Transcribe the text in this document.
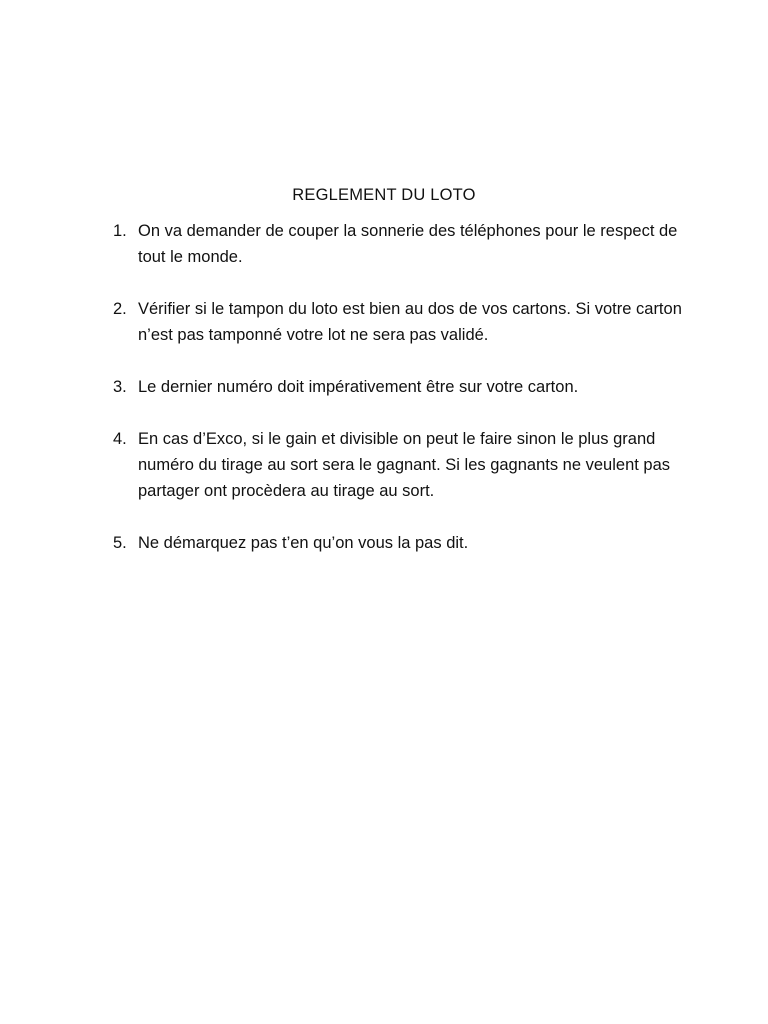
REGLEMENT DU LOTO
1. On va demander de couper la sonnerie des téléphones pour le respect de tout le monde.
2. Vérifier si le tampon du loto est bien au dos de vos cartons. Si votre carton n’est pas tamponné votre lot ne sera pas validé.
3. Le dernier numéro doit impérativement être sur votre carton.
4. En cas d’Exco, si le gain et divisible on peut le faire sinon le plus grand numéro du tirage au sort sera le gagnant. Si les gagnants ne veulent pas partager ont procèdera au tirage au sort.
5. Ne démarquez pas t’en qu’on vous la pas dit.
